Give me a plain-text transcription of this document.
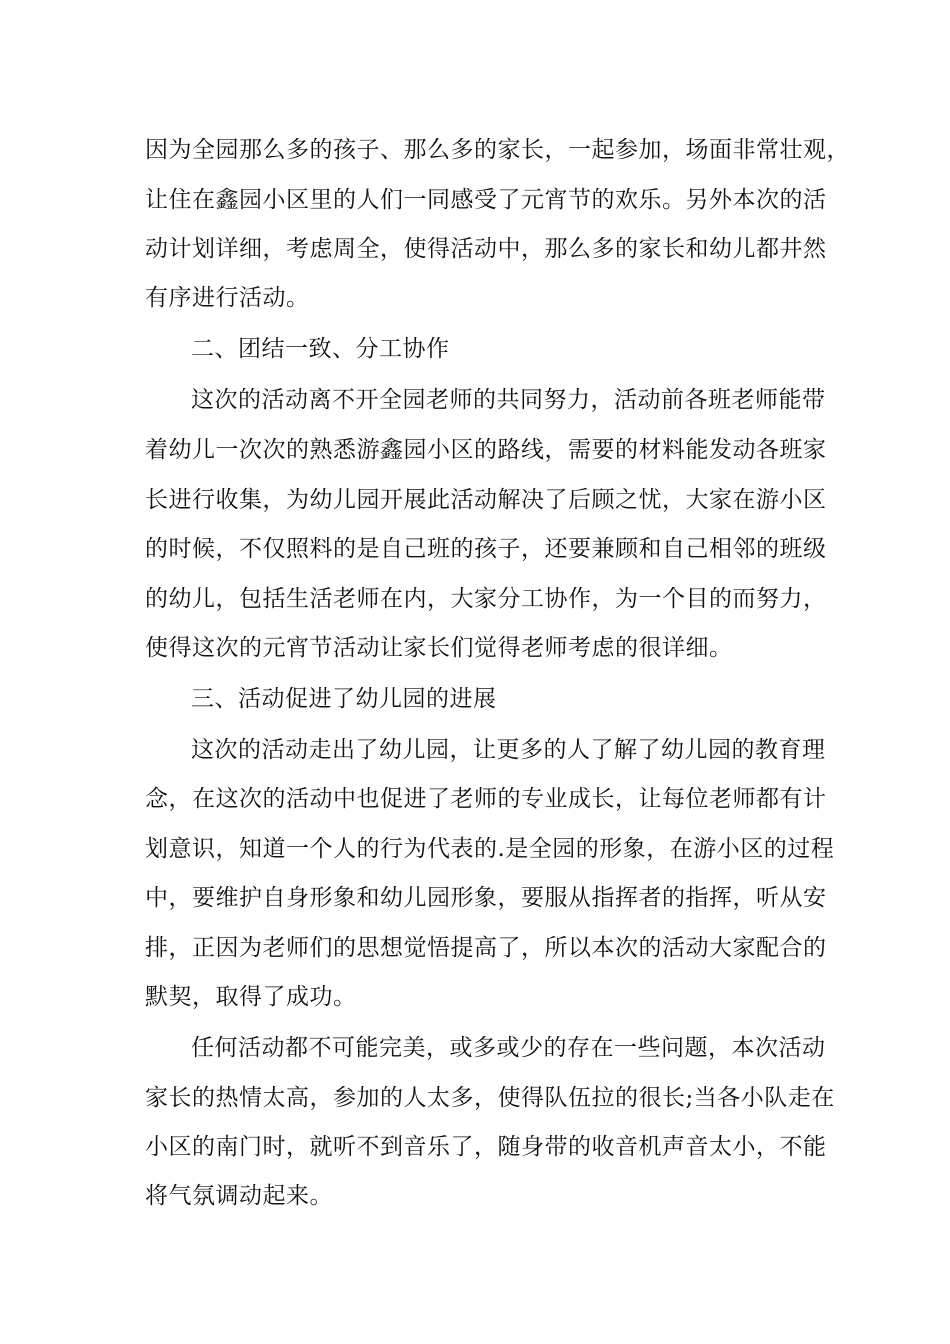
因为全园那么多的孩子、那么多的家长，一起参加，场面非常壮观，
让住在鑫园小区里的人们一同感受了元宵节的欢乐。另外本次的活
动计划详细，考虑周全，使得活动中，那么多的家长和幼儿都井然
有序进行活动。
二、团结一致、分工协作
这次的活动离不开全园老师的共同努力，活动前各班老师能带
着幼儿一次次的熟悉游鑫园小区的路线，需要的材料能发动各班家
长进行收集，为幼儿园开展此活动解决了后顾之忧，大家在游小区
的时候，不仅照料的是自己班的孩子，还要兼顾和自己相邻的班级
的幼儿，包括生活老师在内，大家分工协作，为一个目的而努力，
使得这次的元宵节活动让家长们觉得老师考虑的很详细。
三、活动促进了幼儿园的进展
这次的活动走出了幼儿园，让更多的人了解了幼儿园的教育理
念，在这次的活动中也促进了老师的专业成长，让每位老师都有计
划意识，知道一个人的行为代表的.是全园的形象，在游小区的过程
中，要维护自身形象和幼儿园形象，要服从指挥者的指挥，听从安
排，正因为老师们的思想觉悟提高了，所以本次的活动大家配合的
默契，取得了成功。
任何活动都不可能完美，或多或少的存在一些问题，本次活动
家长的热情太高，参加的人太多，使得队伍拉的很长;当各小队走在
小区的南门时，就听不到音乐了，随身带的收音机声音太小，不能
将气氛调动起来。
